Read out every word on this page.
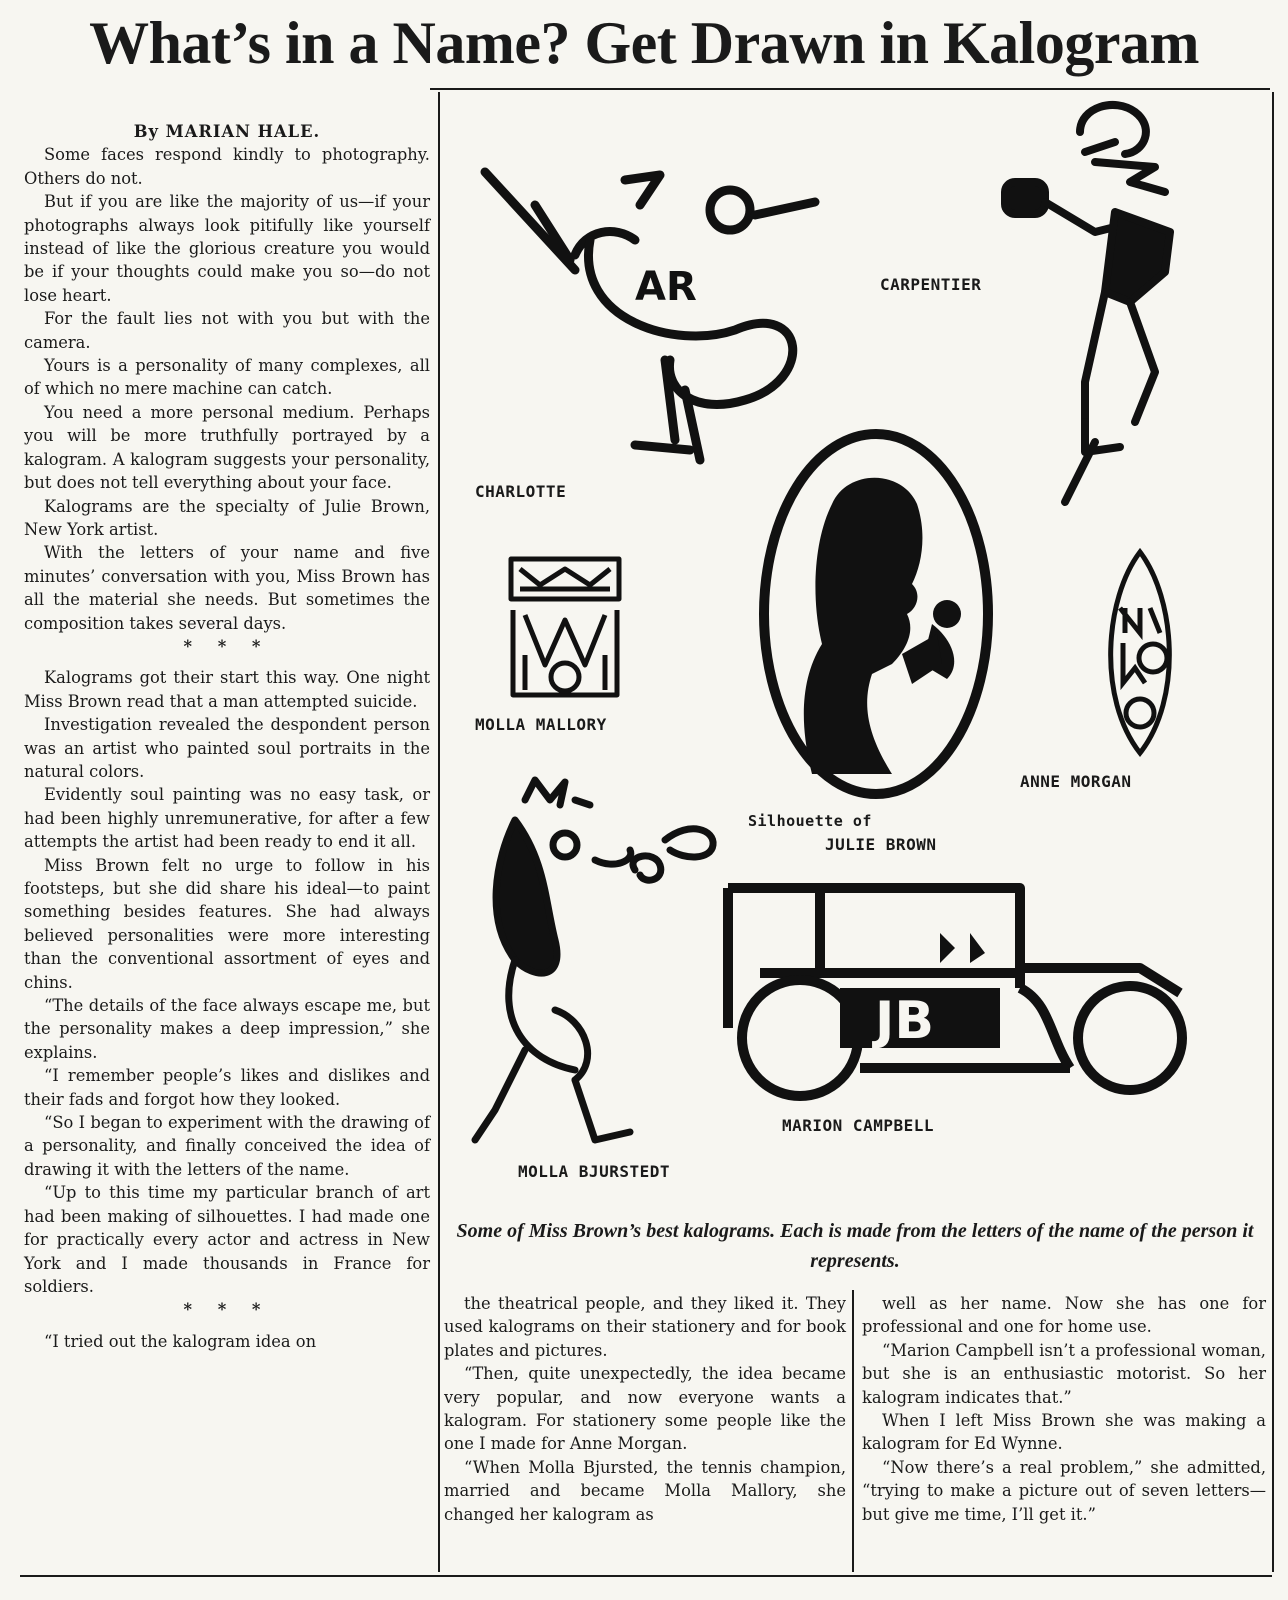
What’s in a Name? Get Drawn in Kalogram

By MARIAN HALE.

Some faces respond kindly to photography. Others do not.

But if you are like the majority of us—if your photographs always look pitifully like yourself instead of like the glorious creature you would be if your thoughts could make you so—do not lose heart.

For the fault lies not with you but with the camera.

Yours is a personality of many complexes, all of which no mere machine can catch.

You need a more personal medium. Perhaps you will be more truthfully portrayed by a kalogram. A kalogram suggests your personality, but does not tell everything about your face.

Kalograms are the specialty of Julie Brown, New York artist.

With the letters of your name and five minutes’ conversation with you, Miss Brown has all the material she needs. But sometimes the composition takes several days.

* * *

Kalograms got their start this way. One night Miss Brown read that a man attempted suicide.

Investigation revealed the despondent person was an artist who painted soul portraits in the natural colors.

Evidently soul painting was no easy task, or had been highly unremunerative, for after a few attempts the artist had been ready to end it all.

Miss Brown felt no urge to follow in his footsteps, but she did share his ideal—to paint something besides features. She had always believed personalities were more interesting than the conventional assortment of eyes and chins.

“The details of the face always escape me, but the personality makes a deep impression,” she explains.

“I remember people’s likes and dislikes and their fads and forgot how they looked.

“So I began to experiment with the drawing of a personality, and finally conceived the idea of drawing it with the letters of the name.

“Up to this time my particular branch of art had been making of silhouettes. I had made one for practically every actor and actress in New York and I made thousands in France for soldiers.

* * *

“I tried out the kalogram idea on

the theatrical people, and they liked it. They used kalograms on their stationery and for book plates and pictures.

“Then, quite unexpectedly, the idea became very popular, and now everyone wants a kalogram. For stationery some people like the one I made for Anne Morgan.

“When Molla Bjursted, the tennis champion, married and became Molla Mallory, she changed her kalogram as

well as her name. Now she has one for professional and one for home use.

“Marion Campbell isn’t a professional woman, but she is an enthusiastic motorist. So her kalogram indicates that.”

When I left Miss Brown she was making a kalogram for Ed Wynne.

“Now there’s a real problem,” she admitted, “trying to make a picture out of seven letters—but give me time, I’ll get it.”

AR	CARPENTIER
CHARLOTTE
MOLLA MALLORY
Silhouette of
JULIE BROWN
ANNE MORGAN
MOLLA BJURSTEDT
JB
MARION CAMPBELL
Some of Miss Brown’s best kalograms. Each is made from the letters of the name of the person it represents.
